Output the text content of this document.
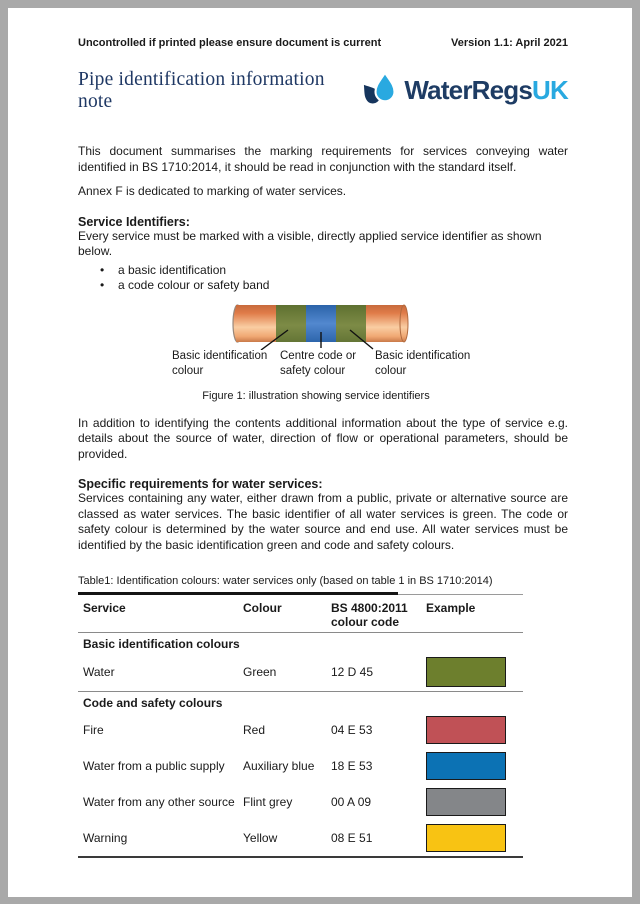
Uncontrolled if printed please ensure document is current	Version 1.1: April 2021
Pipe identification information note	WaterRegsUK

This document summarises the marking requirements for services conveying water identified in BS 1710:2014, it should be read in conjunction with the standard itself.

Annex F is dedicated to marking of water services.

Service Identifiers:

Every service must be marked with a visible, directly applied service identifier as shown below.

• a basic identification
• a code colour or safety band
Basic identification colour
Centre code or safety colour
Basic identification colour

Figure 1: illustration showing service identifiers

In addition to identifying the contents additional information about the type of service e.g. details about the source of water, direction of flow or operational parameters, should be provided.

Specific requirements for water services:

Services containing any water, either drawn from a public, private or alternative source are classed as water services. The basic identifier of all water services is green. The code or safety colour is determined by the water source and end use. All water services must be identified by the basic identification green and code and safety colours.

Table1: Identification colours: water services only (based on table 1 in BS 1710:2014)

Service	Colour	BS 4800:2011 colour code	Example
Basic identification colours			
Water	Green	12 D 45	

Code and safety colours			
Fire	Red	04 E 53	

Water from a public supply	Auxiliary blue	18 E 53	

Water from any other source	Flint grey	00 A 09	

Warning	Yellow	08 E 51	
